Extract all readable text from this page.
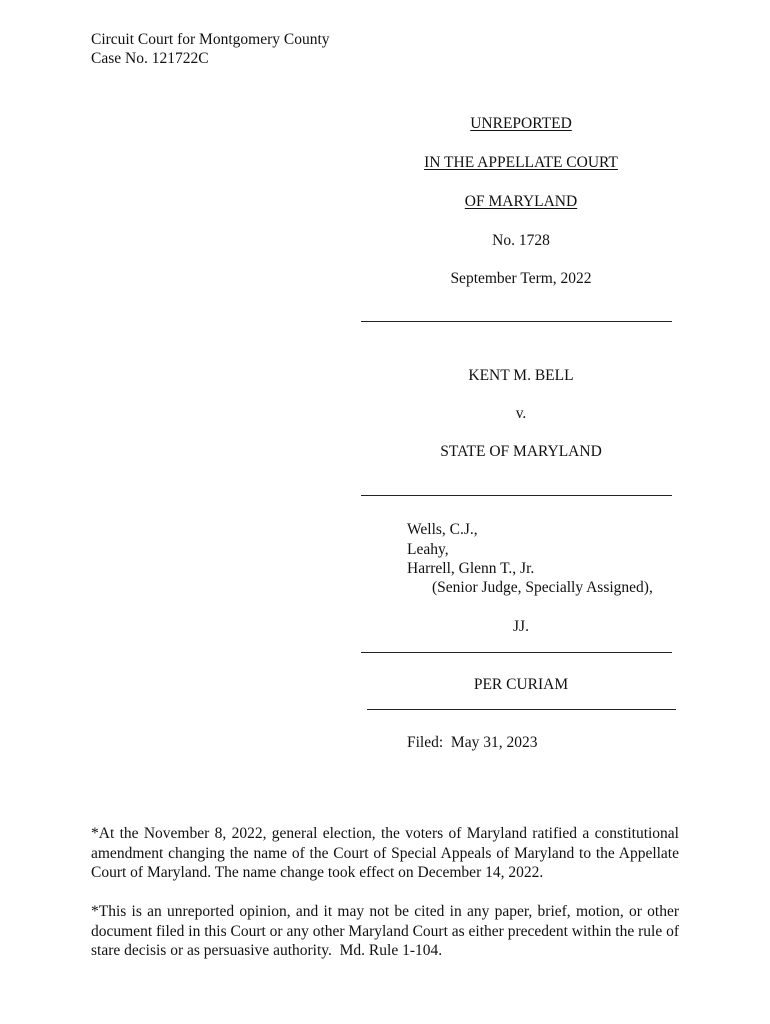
Circuit Court for Montgomery County
Case No. 121722C
UNREPORTED
IN THE APPELLATE COURT
OF MARYLAND
No. 1728
September Term, 2022
KENT M. BELL
v.
STATE OF MARYLAND
Wells, C.J.,
Leahy,
Harrell, Glenn T., Jr.
(Senior Judge, Specially Assigned),
JJ.
PER CURIAM
Filed:  May 31, 2023
*At the November 8, 2022, general election, the voters of Maryland ratified a constitutional amendment changing the name of the Court of Special Appeals of Maryland to the Appellate Court of Maryland. The name change took effect on December 14, 2022.
*This is an unreported opinion, and it may not be cited in any paper, brief, motion, or other document filed in this Court or any other Maryland Court as either precedent within the rule of stare decisis or as persuasive authority.  Md. Rule 1-104.
